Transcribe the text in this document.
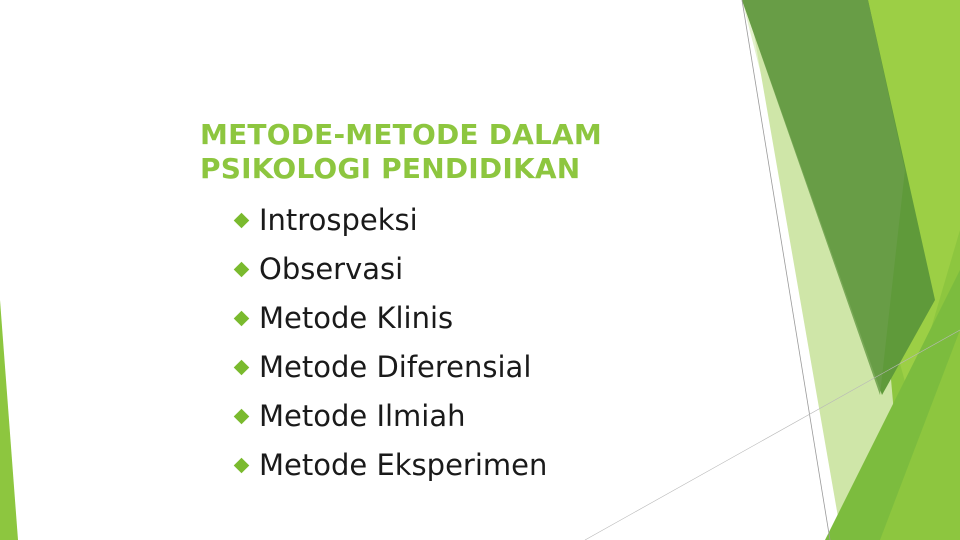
METODE-METODE DALAM
PSIKOLOGI PENDIDIKAN
Introspeksi
Observasi
Metode Klinis
Metode Diferensial
Metode Ilmiah
Metode Eksperimen
